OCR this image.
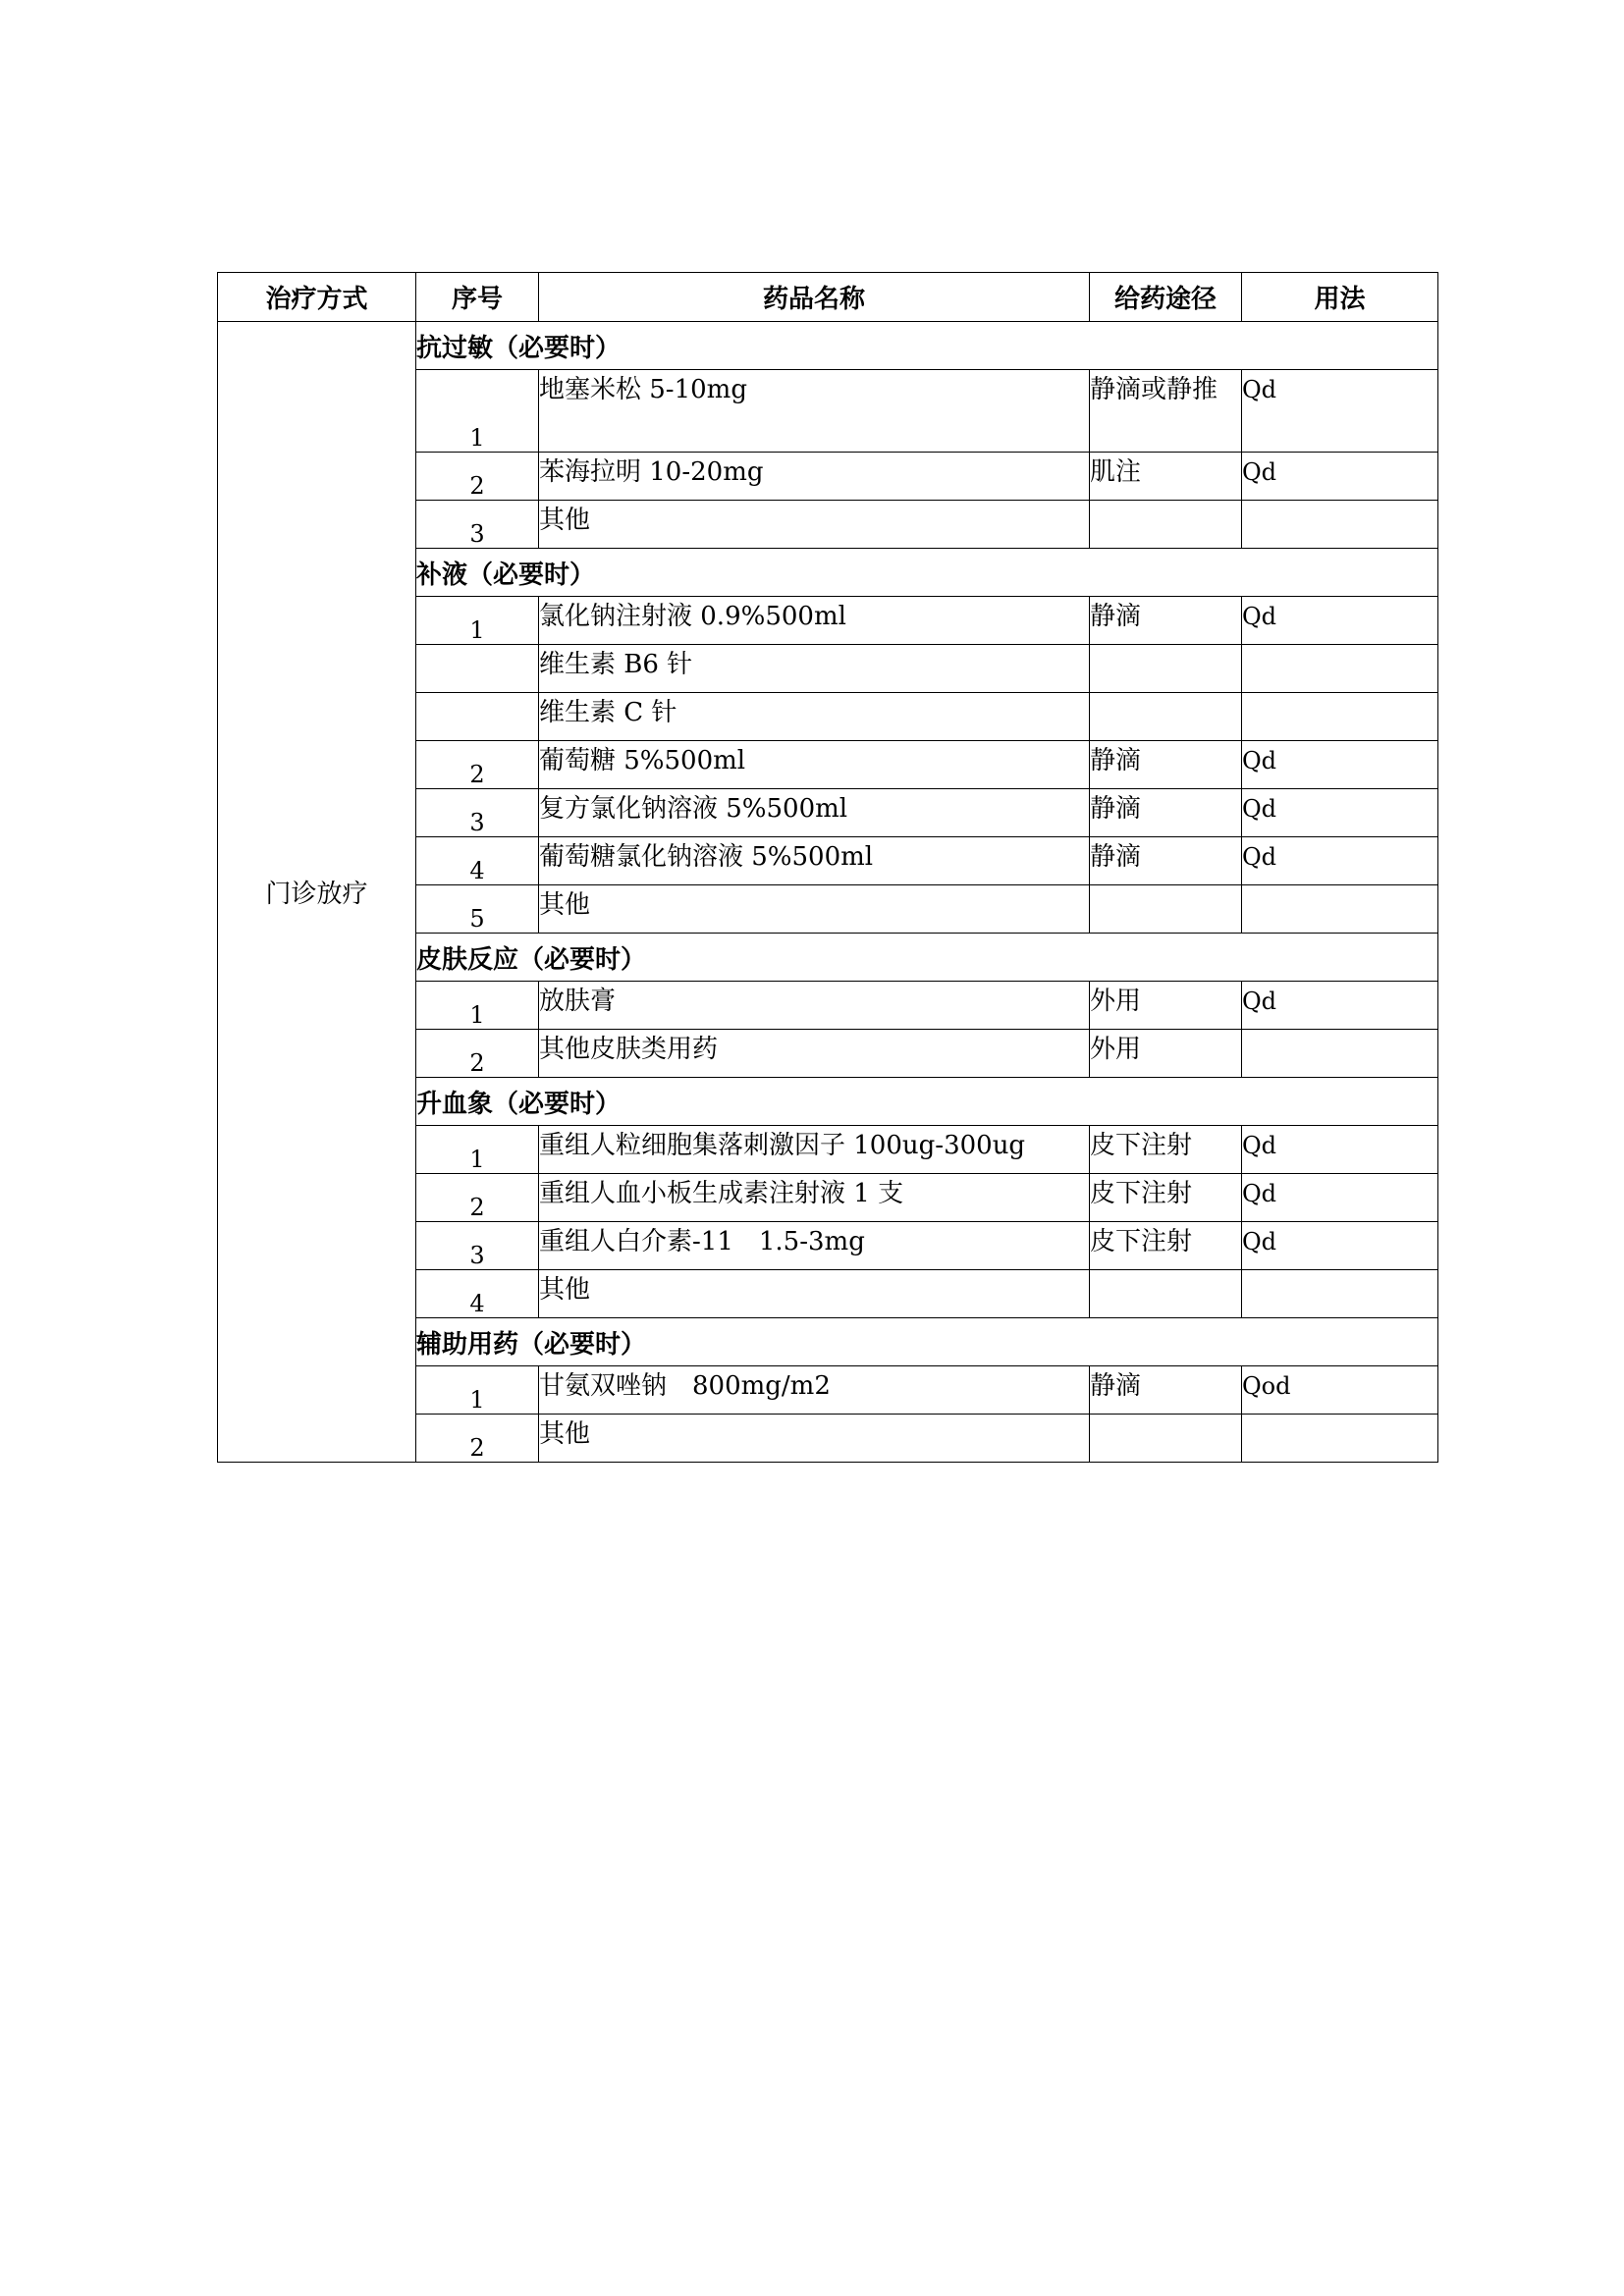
治疗方式	序号	药品名称	给药途径	用法
门诊放疗	抗过敏（必要时）			
	1	地塞米松 5-10mg	静滴或静推	Qd
	2	苯海拉明 10-20mg	肌注	Qd
	3	其他		
	补液（必要时）			
	1	氯化钠注射液 0.9%500ml	静滴	Qd
		维生素 B6 针		
		维生素 C 针		
	2	葡萄糖 5%500ml	静滴	Qd
	3	复方氯化钠溶液 5%500ml	静滴	Qd
	4	葡萄糖氯化钠溶液 5%500ml	静滴	Qd
	5	其他		
	皮肤反应（必要时）			
	1	放肤膏	外用	Qd
	2	其他皮肤类用药	外用	
	升血象（必要时）			
	1	重组人粒细胞集落刺激因子 100ug-300ug	皮下注射	Qd
	2	重组人血小板生成素注射液 1 支	皮下注射	Qd
	3	重组人白介素-11　1.5-3mg	皮下注射	Qd
	4	其他		
	辅助用药（必要时）			
	1	甘氨双唑钠　800mg/m2	静滴	Qod
	2	其他		
